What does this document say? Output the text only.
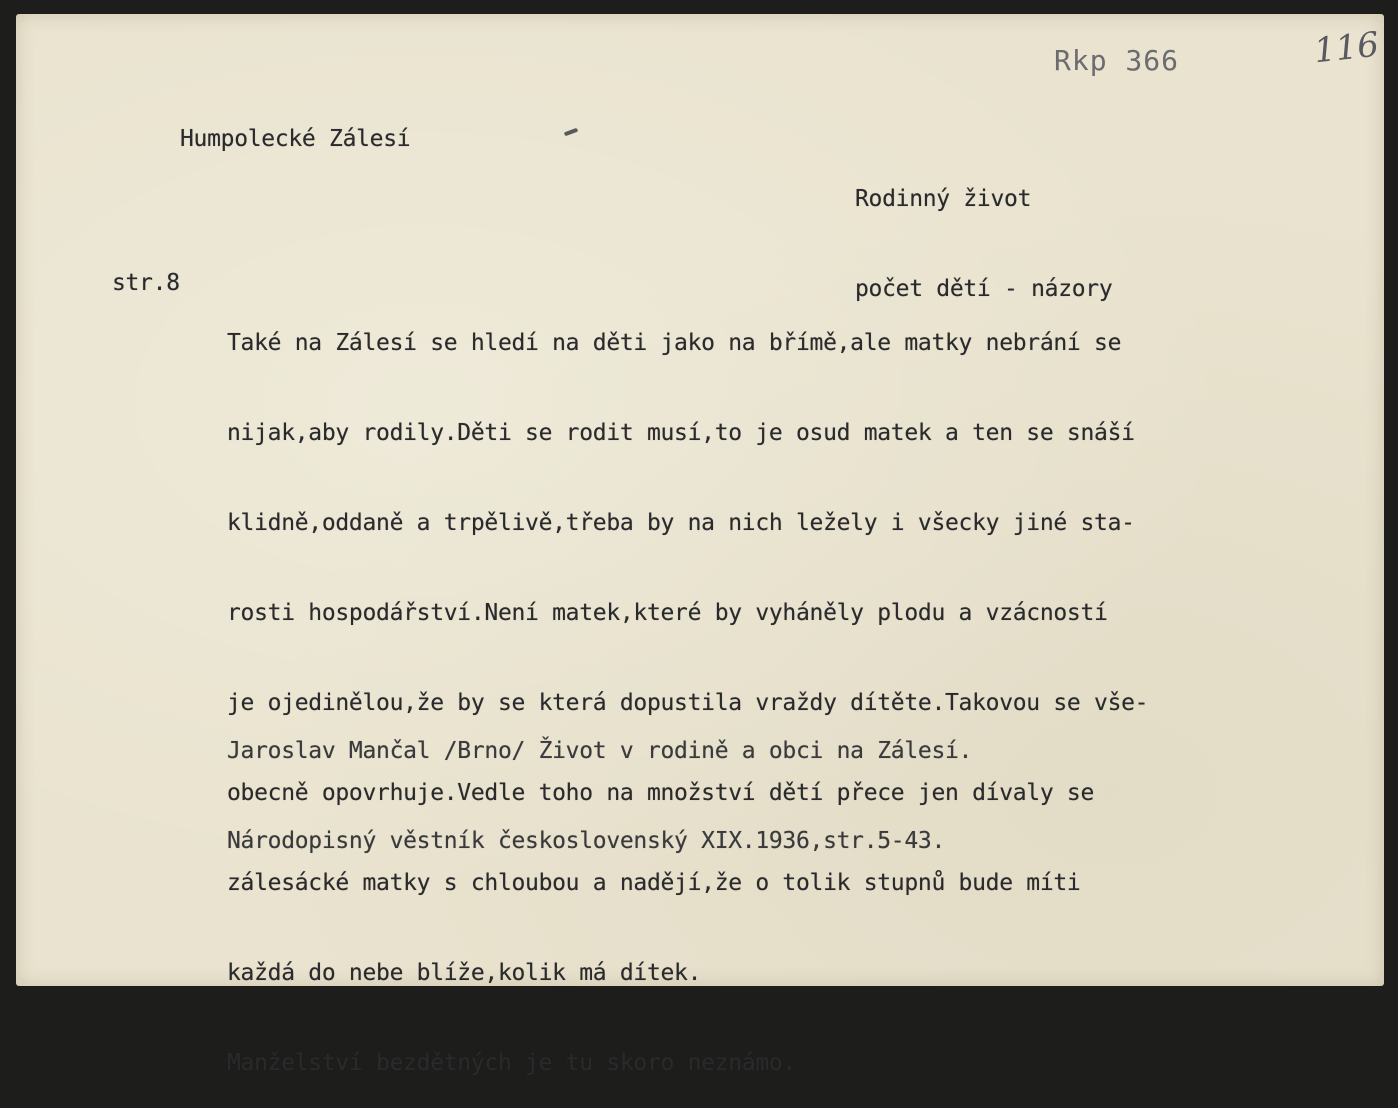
Rkp 366	116
Humpolecké Zálesí

Rodinný život

počet dětí - názory

str.8

Také na Zálesí se hledí na děti jako na břímě,ale matky nebrání se

nijak,aby rodily.Děti se rodit musí,to je osud matek a ten se snáší

klidně,oddaně a trpělivě,třeba by na nich ležely i všecky jiné sta-

rosti hospodářství.Není matek,které by vyháněly plodu a vzácností

je ojedinělou,že by se která dopustila vraždy dítěte.Takovou se vše-

obecně opovrhuje.Vedle toho na množství dětí přece jen dívaly se

zálesácké matky s chloubou a nadějí,že o tolik stupnů bude míti

každá do nebe blíže,kolik má dítek.

Manželství bezdětných je tu skoro neznámo.

Jaroslav Mančal /Brno/ Život v rodině a obci na Zálesí.

Národopisný věstník československý XIX.1936,str.5-43.
